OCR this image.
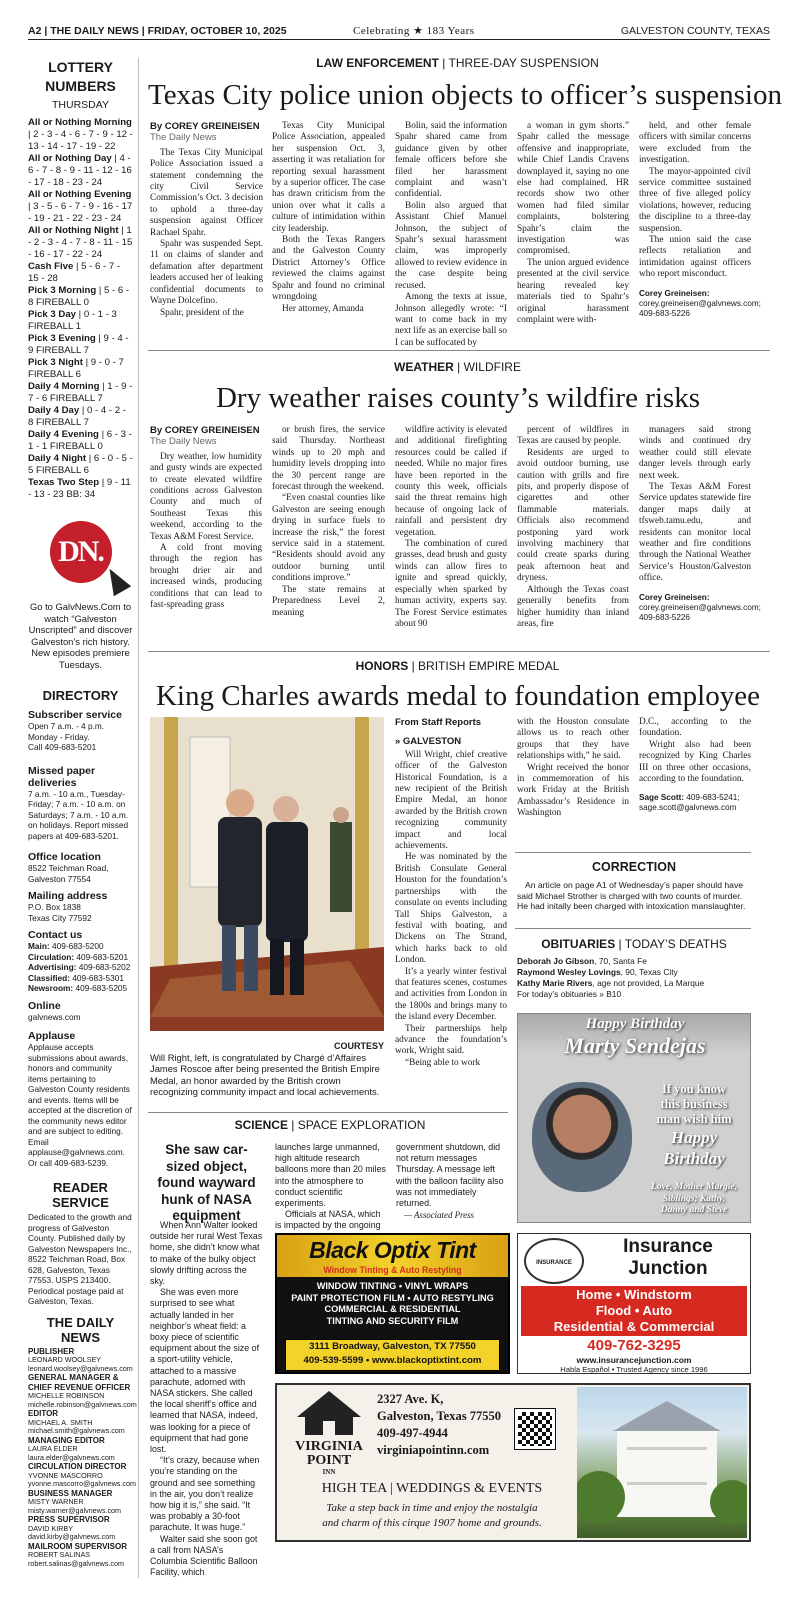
A2 | THE DAILY NEWS | FRIDAY, OCTOBER 10, 2025	Celebrating ★ 183 Years	GALVESTON COUNTY, TEXAS
LOTTERY
NUMBERS
THURSDAY
All or Nothing Morning | 2 - 3 - 4 - 6 - 7 - 9 - 12 - 13 - 14 - 17 - 19 - 22
All or Nothing Day | 4 - 6 - 7 - 8 - 9 - 11 - 12 - 16 - 17 - 18 - 23 - 24
All or Nothing Evening | 3 - 5 - 6 - 7 - 9 - 16 - 17 - 19 - 21 - 22 - 23 - 24
All or Nothing Night | 1 - 2 - 3 - 4 - 7 - 8 - 11 - 15 - 16 - 17 - 22 - 24
Cash Five | 5 - 6 - 7 - 15 - 28
Pick 3 Morning | 5 - 6 - 8 FIREBALL 0
Pick 3 Day | 0 - 1 - 3 FIREBALL 1
Pick 3 Evening | 9 - 4 - 9 FIREBALL 7
Pick 3 Night | 9 - 0 - 7 FIREBALL 6
Daily 4 Morning | 1 - 9 - 7 - 6 FIREBALL 7
Daily 4 Day | 0 - 4 - 2 - 8 FIREBALL 7
Daily 4 Evening | 6 - 3 - 1 - 1 FIREBALL 0
Daily 4 Night | 6 - 0 - 5 - 5 FIREBALL 6
Texas Two Step | 9 - 11 - 13 - 23 BB: 34
DN.
Go to GalvNews.Com to watch “Galveston Unscripted” and discover Galveston’s rich history. New episodes premiere Tuesdays.
DIRECTORY
Subscriber service
Open 7 a.m. - 4 p.m.
Monday - Friday.
Call 409-683-5201
Missed paper deliveries
7 a.m. - 10 a.m., Tuesday-Friday; 7 a.m. - 10 a.m. on Saturdays; 7 a.m. - 10 a.m. on holidays. Report missed papers at 409-683-5201.
Office location
8522 Teichman Road,
Galveston 77554
Mailing address
P.O. Box 1838
Texas City 77592
Contact us
Main: 409-683-5200
Circulation: 409-683-5201
Advertising: 409-683-5202
Classified: 409-683-5301
Newsroom: 409-683-5205
Online
galvnews.com
Applause
Applause accepts submissions about awards, honors and community items pertaining to Galveston County residents and events. Items will be accepted at the discretion of the community news editor and are subject to editing. Email applause@galvnews.com. Or call 409-683-5239.
READER SERVICE
Dedicated to the growth and progress of Galveston County. Published daily by Galveston Newspapers Inc., 8522 Teichman Road, Box 628, Galveston, Texas 77553. USPS 213400. Periodical postage paid at Galveston, Texas.
THE DAILY NEWS
PUBLISHER
LEONARD WOOLSEY
leonard.woolsey@galvnews.com
GENERAL MANAGER & CHIEF REVENUE OFFICER
MICHELLE ROBINSON
michelle.robinson@galvnews.com
EDITOR
MICHAEL A. SMITH
michael.smith@galvnews.com
MANAGING EDITOR
LAURA ELDER
laura.elder@galvnews.com
CIRCULATION DIRECTOR
YVONNE MASCORRO
yvonne.mascorro@galvnews.com
BUSINESS MANAGER
MISTY WARNER
misty.warner@galvnews.com
PRESS SUPERVISOR
DAVID KIRBY
david.kirby@galvnews.com
MAILROOM SUPERVISOR
ROBERT SALINAS
robert.salinas@galvnews.com
LAW ENFORCEMENT | THREE-DAY SUSPENSION
Texas City police union objects to officer’s suspension

By COREY GREINEISEN

The Daily News

The Texas City Municipal Police Association issued a statement condemning the city Civil Service Commission’s Oct. 3 decision to uphold a three-day suspension against Officer Rachael Spahr.

Spahr was suspended Sept. 11 on claims of slander and defamation after department leaders accused her of leaking confidential documents to Wayne Dolcefino.

Spahr, president of the

Texas City Municipal Police Association, appealed her suspension Oct. 3, asserting it was retaliation for reporting sexual harassment by a superior officer. The case has drawn criticism from the union over what it calls a culture of intimidation within city leadership.

Both the Texas Rangers and the Galveston County District Attorney’s Office reviewed the claims against Spahr and found no criminal wrongdoing

Her attorney, Amanda

Bolin, said the information Spahr shared came from guidance given by other female officers before she filed her harassment complaint and wasn’t confidential.

Bolin also argued that Assistant Chief Manuel Johnson, the subject of Spahr’s sexual harassment claim, was improperly allowed to review evidence in the case despite being recused.

Among the texts at issue, Johnson allegedly wrote: “I want to come back in my next life as an exercise ball so I can be suffocated by

a woman in gym shorts.” Spahr called the message offensive and inappropriate, while Chief Landis Cravens downplayed it, saying no one else had complained. HR records show two other women had filed similar complaints, bolstering Spahr’s claim the investigation was compromised.

The union argued evidence presented at the civil service hearing revealed key materials tied to Spahr’s original harassment complaint were with-

held, and other female officers with similar concerns were excluded from the investigation.

The mayor-appointed civil service committee sustained three of five alleged policy violations, however, reducing the discipline to a three-day suspension.

The union said the case reflects retaliation and intimidation against officers who report misconduct.

Corey Greineisen: corey.greineisen@galvnews.com; 409-683-5226

WEATHER | WILDFIRE
Dry weather raises county’s wildfire risks

By COREY GREINEISEN

The Daily News

Dry weather, low humidity and gusty winds are expected to create elevated wildfire conditions across Galveston County and much of Southeast Texas this weekend, according to the Texas A&M Forest Service.

A cold front moving through the region has brought drier air and increased winds, producing conditions that can lead to fast-spreading grass

or brush fires, the service said Thursday. Northeast winds up to 20 mph and humidity levels dropping into the 30 percent range are forecast through the weekend.

“Even coastal counties like Galveston are seeing enough drying in surface fuels to increase the risk,” the forest service said in a statement. “Residents should avoid any outdoor burning until conditions improve.”

The state remains at Preparedness Level 2, meaning

wildfire activity is elevated and additional firefighting resources could be called if needed. While no major fires have been reported in the county this week, officials said the threat remains high because of ongoing lack of rainfall and persistent dry vegetation.

The combination of cured grasses, dead brush and gusty winds can allow fires to ignite and spread quickly, especially when sparked by human activity, experts say. The Forest Service estimates about 90

percent of wildfires in Texas are caused by people.

Residents are urged to avoid outdoor burning, use caution with grills and fire pits, and properly dispose of cigarettes and other flammable materials. Officials also recommend postponing yard work involving machinery that could create sparks during peak afternoon heat and dryness.

Although the Texas coast generally benefits from higher humidity than inland areas, fire

managers said strong winds and continued dry weather could still elevate danger levels through early next week.

The Texas A&M Forest Service updates statewide fire danger maps daily at tfsweb.tamu.edu, and residents can monitor local weather and fire conditions through the National Weather Service’s Houston/Galveston office.

Corey Greineisen: corey.greineisen@galvnews.com; 409-683-5226

HONORS | BRITISH EMPIRE MEDAL
King Charles awards medal to foundation employee
COURTESY
Will Right, left, is congratulated by Chargé d’Affaires James Roscoe after being presented the British Empire Medal, an honor awarded by the British crown recognizing community impact and local achievements.

From Staff Reports

» GALVESTON

Will Wright, chief creative officer of the Galveston Historical Foundation, is a new recipient of the British Empire Medal, an honor awarded by the British crown recognizing community impact and local achievements.

He was nominated by the British Consulate General Houston for the foundation’s partnerships with the consulate on events including Tall Ships Galveston, a festival with boating, and Dickens on The Strand, which harks back to old London.

It’s a yearly winter festival that features scenes, costumes and activities from London in the 1800s and brings many to the island every December.

Their partnerships help advance the foundation’s work, Wright said.

“Being able to work

with the Houston consulate allows us to reach other groups that they have relationships with,” he said.

Wright received the honor in commemoration of his work Friday at the British Ambassador’s Residence in Washington

D.C., according to the foundation.

Wright also had been recognized by King Charles III on three other occasions, according to the foundation.

Sage Scott: 409-683-5241; sage.scott@galvnews.com

CORRECTION
An article on page A1 of Wednesday’s paper should have said Michael Strother is charged with two counts of murder. He had initally been charged with intoxication manslaughter.
OBITUARIES | TODAY’S DEATHS
Deborah Jo Gibson, 70, Santa Fe
Raymond Wesley Lovings, 90, Texas City
Kathy Marie Rivers, age not provided, La Marque
For today’s obituaries » B10
Happy Birthday
Marty Sendejas
If you know
this business
man wish him
Happy
Birthday
Love, Mother Margie,
Siblings; Kathy,
Danny and Steve
SCIENCE | SPACE EXPLORATION
She saw car-sized object, found wayward hunk of NASA equipment

When Ann Walter looked outside her rural West Texas home, she didn’t know what to make of the bulky object slowly drifting across the sky.

She was even more surprised to see what actually landed in her neighbor’s wheat field: a boxy piece of scientific equipment about the size of a sport-utility vehicle, attached to a massive parachute, adorned with NASA stickers. She called the local sheriff’s office and learned that NASA, indeed, was looking for a piece of equipment that had gone lost.

“It’s crazy, because when you’re standing on the ground and see something in the air, you don’t realize how big it is,” she said. “It was probably a 30-foot parachute. It was huge.”

Walter said she soon got a call from NASA’s Columbia Scientific Balloon Facility, which

launches large unmanned, high altitude research balloons more than 20 miles into the atmosphere to conduct scientific experiments.

Officials at NASA, which is impacted by the ongoing

government shutdown, did not return messages Thursday. A message left with the balloon facility also was not immediately returned.

— Associated Press

Black Optix Tint
Window Tinting & Auto Restyling
WINDOW TINTING • VINYL WRAPS
PAINT PROTECTION FILM • AUTO RESTYLING
COMMERCIAL & RESIDENTIAL
TINTING AND SECURITY FILM
3111 Broadway, Galveston, TX 77550
409-539-5599 • www.blackoptixtint.com
INSURANCE
Insurance
Junction
Home • Windstorm
Flood • Auto
Residential & Commercial
409-762-3295
www.insurancejunction.com
Habla Español • Trusted Agency since 1996
VIRGINIA
POINT
INN
2327 Ave. K,
Galveston, Texas 77550
409-497-4944
virginiapointinn.com
HIGH TEA | WEDDINGS & EVENTS
Take a step back in time and enjoy the nostalgia
and charm of this cirque 1907 home and grounds.
